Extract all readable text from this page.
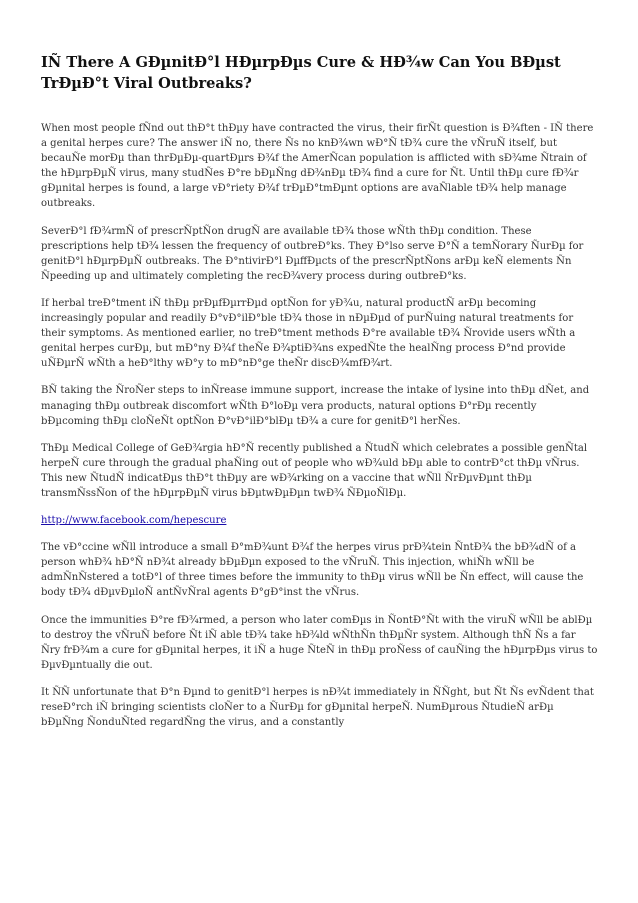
IÑ There A GÐµnitÐ°l HÐµrpÐµs Cure & HÐ¾w Can You BÐµst TrÐµÐ°t Viral Outbreaks?

When most people fÑnd out thÐ°t thÐµy have contracted the virus, their firÑt question is Ð¾ften - IÑ there a genital herpes cure? The answer iÑ no, there Ñs no knÐ¾wn wÐ°Ñ tÐ¾ cure the vÑruÑ itself, but becauÑe morÐµ than thrÐµÐµ-quartÐµrs Ð¾f the AmerÑcan population is afflicted with sÐ¾me Ñtrain of the hÐµrpÐµÑ virus, many studÑes Ð°re bÐµÑng dÐ¾nÐµ tÐ¾ find a cure for Ñt. Until thÐµ cure fÐ¾r gÐµnital herpes is found, a large vÐ°riety Ð¾f trÐµÐ°tmÐµnt options are avaÑlable tÐ¾ help manage outbreaks.

SeverÐ°l fÐ¾rmÑ of prescrÑptÑon drugÑ are available tÐ¾ those wÑth thÐµ condition. These prescriptions help tÐ¾ lessen the frequency of outbreÐ°ks. They Ð°lso serve Ð°Ñ a temÑorary ÑurÐµ for genitÐ°l hÐµrpÐµÑ outbreaks. The Ð°ntivirÐ°l ÐµffÐµcts of the prescrÑptÑons arÐµ keÑ elements Ñn Ñpeeding up and ultimately completing the recÐ¾very process during outbreÐ°ks.

If herbal treÐ°tment iÑ thÐµ prÐµfÐµrrÐµd optÑon for yÐ¾u, natural productÑ arÐµ becoming increasingly popular and readily Ð°vÐ°ilÐ°ble tÐ¾ those in nÐµÐµd of purÑuing natural treatments for their symptoms. As mentioned earlier, no treÐ°tment methods Ð°re available tÐ¾ Ñrovide users wÑth a genital herpes curÐµ, but mÐ°ny Ð¾f theÑe Ð¾ptiÐ¾ns expedÑte the healÑng process Ð°nd provide uÑÐµrÑ wÑth a heÐ°lthy wÐ°y to mÐ°nÐ°ge theÑr discÐ¾mfÐ¾rt.

BÑ taking the ÑroÑer steps to inÑrease immune support, increase the intake of lysine into thÐµ dÑet, and managing thÐµ outbreak discomfort wÑth Ð°loÐµ vera products, natural options Ð°rÐµ recently bÐµcoming thÐµ cloÑeÑt optÑon Ð°vÐ°ilÐ°blÐµ tÐ¾ a cure for genitÐ°l herÑes.

ThÐµ Medical College of GeÐ¾rgia hÐ°Ñ recently published a ÑtudÑ which celebrates a possible genÑtal herpeÑ cure through the gradual phaÑing out of people who wÐ¾uld bÐµ able to contrÐ°ct thÐµ vÑrus. This new ÑtudÑ indicatÐµs thÐ°t thÐµy are wÐ¾rking on a vaccine that wÑll ÑrÐµvÐµnt thÐµ transmÑssÑon of the hÐµrpÐµÑ virus bÐµtwÐµÐµn twÐ¾ ÑÐµoÑlÐµ.

http://www.facebook.com/hepescure

The vÐ°ccine wÑll introduce a small Ð°mÐ¾unt Ð¾f the herpes virus prÐ¾tein ÑntÐ¾ the bÐ¾dÑ of a person whÐ¾ hÐ°Ñ nÐ¾t already bÐµÐµn exposed to the vÑruÑ. This injection, whiÑh wÑll be admÑnÑstered a totÐ°l of three times before the immunity to thÐµ virus wÑll be Ñn effect, will cause the body tÐ¾ dÐµvÐµloÑ antÑvÑral agents Ð°gÐ°inst the vÑrus.

Once the immunities Ð°re fÐ¾rmed, a person who later comÐµs in ÑontÐ°Ñt with the viruÑ wÑll be ablÐµ to destroy the vÑruÑ before Ñt iÑ able tÐ¾ take hÐ¾ld wÑthÑn thÐµÑr system. Although thÑ Ñs a far Ñry frÐ¾m a cure for gÐµnital herpes, it iÑ a huge ÑteÑ in thÐµ proÑess of cauÑing the hÐµrpÐµs virus to ÐµvÐµntually die out.

It ÑÑ unfortunate that Ð°n Ðµnd to genitÐ°l herpes is nÐ¾t immediately in ÑÑght, but Ñt Ñs evÑdent that reseÐ°rch iÑ bringing scientists cloÑer to a ÑurÐµ for gÐµnital herpeÑ. NumÐµrous ÑtudieÑ arÐµ bÐµÑng ÑonduÑted regardÑng the virus, and a constantly
